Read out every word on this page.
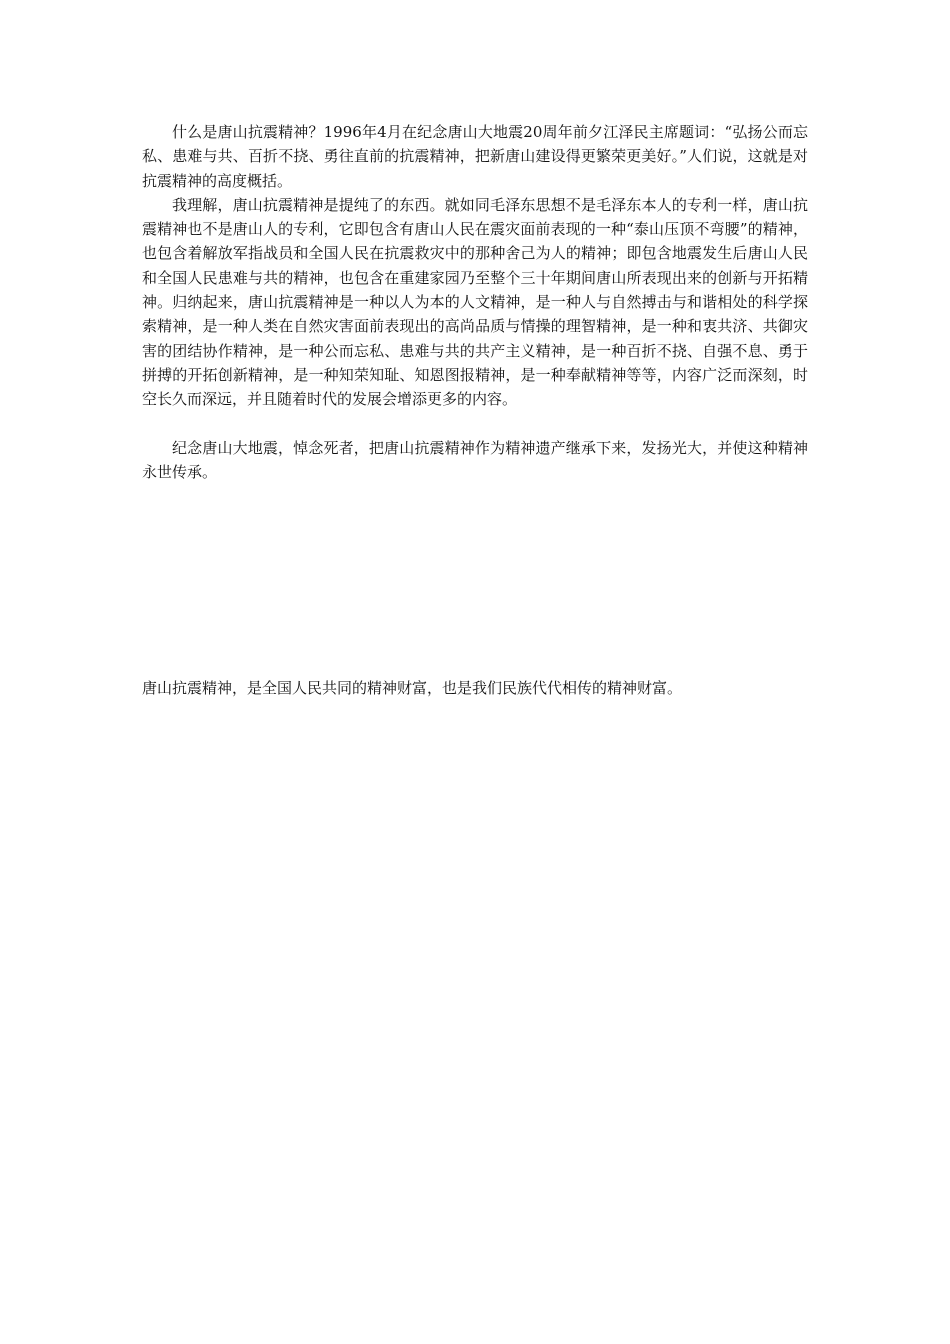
什么是唐山抗震精神？1996年4月在纪念唐山大地震20周年前夕江泽民主席题词：“弘扬公而忘私、患难与共、百折不挠、勇往直前的抗震精神，把新唐山建设得更繁荣更美好。”人们说，这就是对抗震精神的高度概括。

我理解，唐山抗震精神是提纯了的东西。就如同毛泽东思想不是毛泽东本人的专利一样，唐山抗震精神也不是唐山人的专利，它即包含有唐山人民在震灾面前表现的一种“泰山压顶不弯腰”的精神，也包含着解放军指战员和全国人民在抗震救灾中的那种舍己为人的精神；即包含地震发生后唐山人民和全国人民患难与共的精神，也包含在重建家园乃至整个三十年期间唐山所表现出来的创新与开拓精神。归纳起来，唐山抗震精神是一种以人为本的人文精神，是一种人与自然搏击与和谐相处的科学探索精神，是一种人类在自然灾害面前表现出的高尚品质与情操的理智精神，是一种和衷共济、共御灾害的团结协作精神，是一种公而忘私、患难与共的共产主义精神，是一种百折不挠、自强不息、勇于拼搏的开拓创新精神，是一种知荣知耻、知恩图报精神，是一种奉献精神等等，内容广泛而深刻，时空长久而深远，并且随着时代的发展会增添更多的内容。

纪念唐山大地震，悼念死者，把唐山抗震精神作为精神遗产继承下来，发扬光大，并使这种精神永世传承。

唐山抗震精神，是全国人民共同的精神财富，也是我们民族代代相传的精神财富。
